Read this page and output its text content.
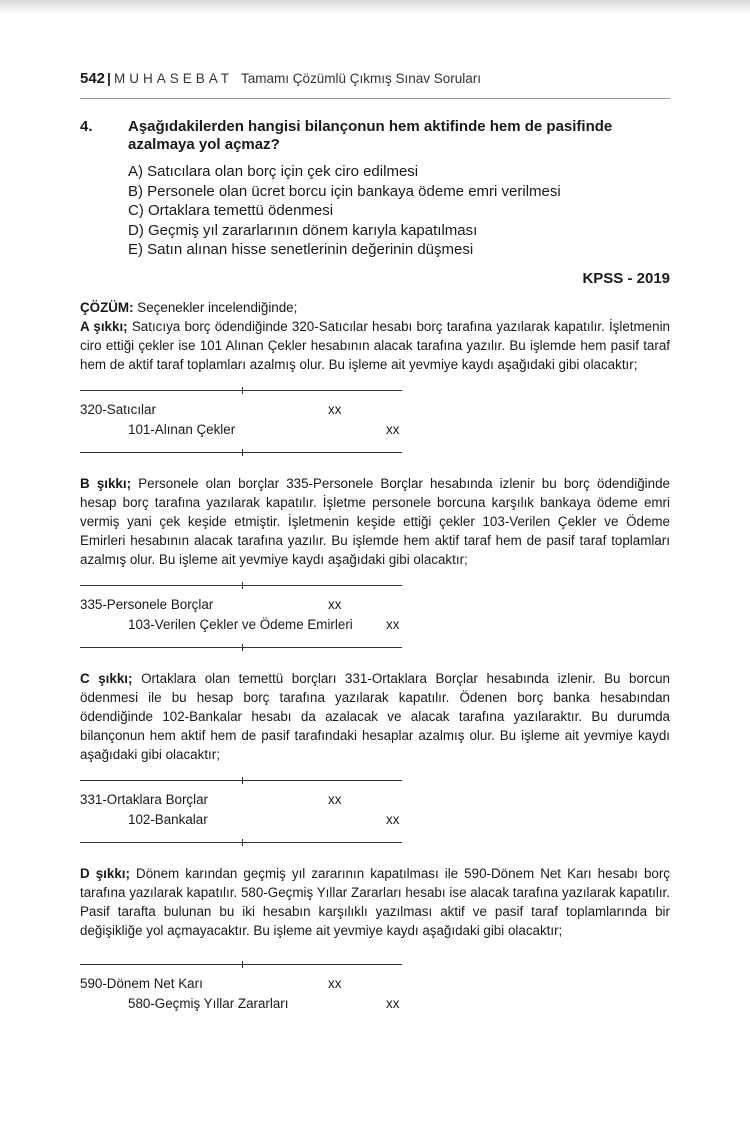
542 | MUHASEBAT Tamamı Çözümlü Çıkmış Sınav Soruları
4. Aşağıdakilerden hangisi bilançonun hem aktifinde hem de pasifinde azalmaya yol açmaz?
A) Satıcılara olan borç için çek ciro edilmesi
B) Personele olan ücret borcu için bankaya ödeme emri verilmesi
C) Ortaklara temettü ödenmesi
D) Geçmiş yıl zararlarının dönem karıyla kapatılması
E) Satın alınan hisse senetlerinin değerinin düşmesi
KPSS - 2019
ÇÖZÜM: Seçenekler incelendiğinde;

A şıkkı; Satıcıya borç ödendiğinde 320-Satıcılar hesabı borç tarafına yazılarak kapatılır. İşletmenin ciro ettiği çekler ise 101 Alınan Çekler hesabının alacak tarafına yazılır. Bu işlemde hem pasif taraf hem de aktif taraf toplamları azalmış olur. Bu işleme ait yevmiye kaydı aşağıdaki gibi olacaktır;

320-Satıcılar	xx
101-Alınan Çekler	xx

B şıkkı; Personele olan borçlar 335-Personele Borçlar hesabında izlenir bu borç ödendiğinde hesap borç tarafına yazılarak kapatılır. İşletme personele borcuna karşılık bankaya ödeme emri vermiş yani çek keşide etmiştir. İşletmenin keşide ettiği çekler 103-Verilen Çekler ve Ödeme Emirleri hesabının alacak tarafına yazılır. Bu işlemde hem aktif taraf hem de pasif taraf toplamları azalmış olur. Bu işleme ait yevmiye kaydı aşağıdaki gibi olacaktır;

335-Personele Borçlar	xx
103-Verilen Çekler ve Ödeme Emirleri xx

C şıkkı; Ortaklara olan temettü borçları 331-Ortaklara Borçlar hesabında izlenir. Bu borcun ödenmesi ile bu hesap borç tarafına yazılarak kapatılır. Ödenen borç banka hesabından ödendiğinde 102-Bankalar hesabı da azalacak ve alacak tarafına yazılaraktır. Bu durumda bilançonun hem aktif hem de pasif tarafındaki hesaplar azalmış olur. Bu işleme ait yevmiye kaydı aşağıdaki gibi olacaktır;

331-Ortaklara Borçlar	xx
102-Bankalar	xx

D şıkkı; Dönem karından geçmiş yıl zararının kapatılması ile 590-Dönem Net Karı hesabı borç tarafına yazılarak kapatılır. 580-Geçmiş Yıllar Zararları hesabı ise alacak tarafına yazılarak kapatılır. Pasif tarafta bulunan bu iki hesabın karşılıklı yazılması aktif ve pasif taraf toplamlarında bir değişikliğe yol açmayacaktır. Bu işleme ait yevmiye kaydı aşağıdaki gibi olacaktır;

590-Dönem Net Karı	xx
580-Geçmiş Yıllar Zararları	xx
